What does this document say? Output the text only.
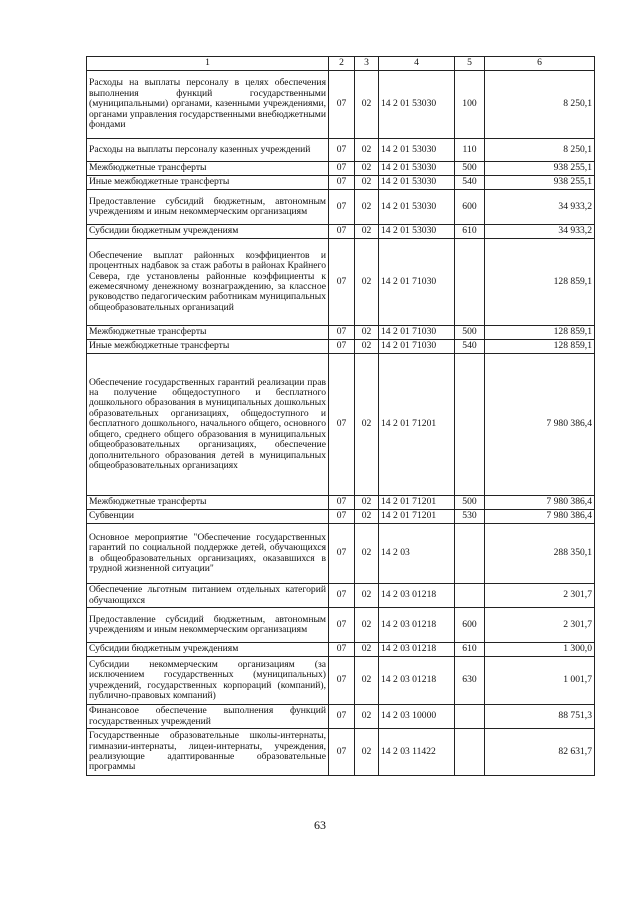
1	2	3	4	5	6
Расходы на выплаты персоналу в целях обеспечения выполнения функций государственными (муниципальными) органами, казенными учреждениями, органами управления государственными внебюджетными фондами	07	02	14 2 01 53030	100	8 250,1
Расходы на выплаты персоналу казенных учреждений	07	02	14 2 01 53030	110	8 250,1
Межбюджетные трансферты	07	02	14 2 01 53030	500	938 255,1
Иные межбюджетные трансферты	07	02	14 2 01 53030	540	938 255,1
Предоставление субсидий бюджетным, автономным учреждениям и иным некоммерческим организациям	07	02	14 2 01 53030	600	34 933,2
Субсидии бюджетным учреждениям	07	02	14 2 01 53030	610	34 933,2
Обеспечение выплат районных коэффициентов и процентных надбавок за стаж работы в районах Крайнего Севера, где установлены районные коэффициенты к ежемесячному денежному вознаграждению, за классное руководство педагогическим работникам муниципальных общеобразовательных организаций	07	02	14 2 01 71030		128 859,1
Межбюджетные трансферты	07	02	14 2 01 71030	500	128 859,1
Иные межбюджетные трансферты	07	02	14 2 01 71030	540	128 859,1
Обеспечение государственных гарантий реализации прав на получение общедоступного и бесплатного дошкольного образования в муниципальных дошкольных образовательных организациях, общедоступного и бесплатного дошкольного, начального общего, основного общего, среднего общего образования в муниципальных общеобразовательных организациях, обеспечение дополнительного образования детей в муниципальных общеобразовательных организациях	07	02	14 2 01 71201		7 980 386,4
Межбюджетные трансферты	07	02	14 2 01 71201	500	7 980 386,4
Субвенции	07	02	14 2 01 71201	530	7 980 386,4
Основное мероприятие "Обеспечение государственных гарантий по социальной поддержке детей, обучающихся в общеобразовательных организациях, оказавшихся в трудной жизненной ситуации"	07	02	14 2 03		288 350,1
Обеспечение льготным питанием отдельных категорий обучающихся	07	02	14 2 03 01218		2 301,7
Предоставление субсидий бюджетным, автономным учреждениям и иным некоммерческим организациям	07	02	14 2 03 01218	600	2 301,7
Субсидии бюджетным учреждениям	07	02	14 2 03 01218	610	1 300,0
Субсидии некоммерческим организациям (за исключением государственных (муниципальных) учреждений, государственных корпораций (компаний), публично-правовых компаний)	07	02	14 2 03 01218	630	1 001,7
Финансовое обеспечение выполнения функций государственных учреждений	07	02	14 2 03 10000		88 751,3
Государственные образовательные школы-интернаты, гимназии-интернаты, лицеи-интернаты, учреждения, реализующие адаптированные образовательные программы	07	02	14 2 03 11422		82 631,7
63
